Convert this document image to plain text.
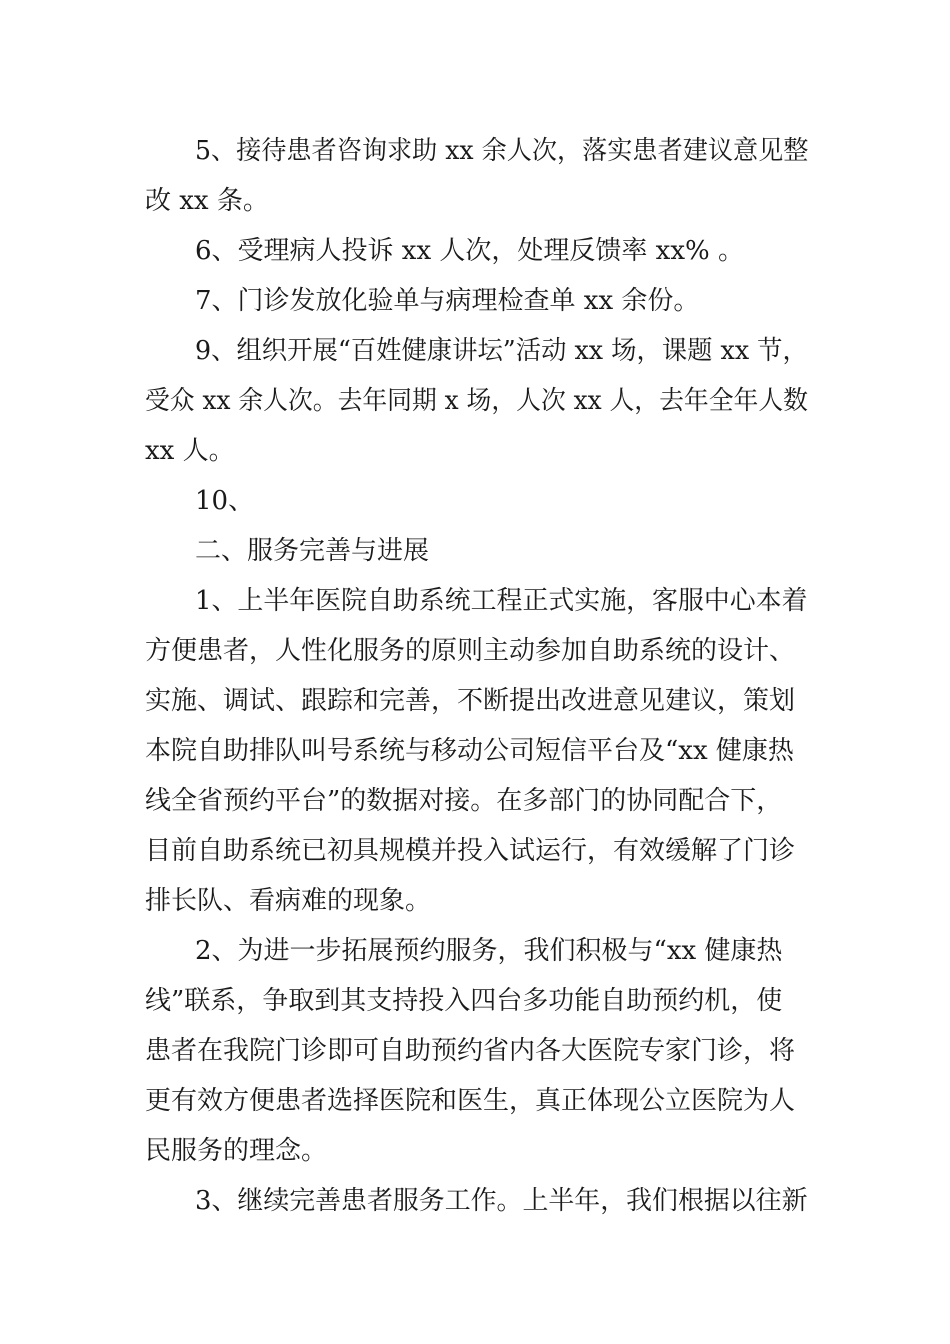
5、接待患者咨询求助 xx 余人次，落实患者建议意见整
改 xx 条。
6、受理病人投诉 xx 人次，处理反馈率 xx% 。
7、门诊发放化验单与病理检查单 xx 余份。
9、组织开展“百姓健康讲坛”活动 xx 场，课题 xx 节，
受众 xx 余人次。去年同期 x 场，人次 xx 人，去年全年人数
xx 人。
10、
二、服务完善与进展
1、上半年医院自助系统工程正式实施，客服中心本着
方便患者，人性化服务的原则主动参加自助系统的设计、
实施、调试、跟踪和完善，不断提出改进意见建议，策划
本院自助排队叫号系统与移动公司短信平台及“xx 健康热
线全省预约平台”的数据对接。在多部门的协同配合下，
目前自助系统已初具规模并投入试运行，有效缓解了门诊
排长队、看病难的现象。
2、为进一步拓展预约服务，我们积极与“xx 健康热
线”联系，争取到其支持投入四台多功能自助预约机，使
患者在我院门诊即可自助预约省内各大医院专家门诊，将
更有效方便患者选择医院和医生，真正体现公立医院为人
民服务的理念。
3、继续完善患者服务工作。上半年，我们根据以往新
